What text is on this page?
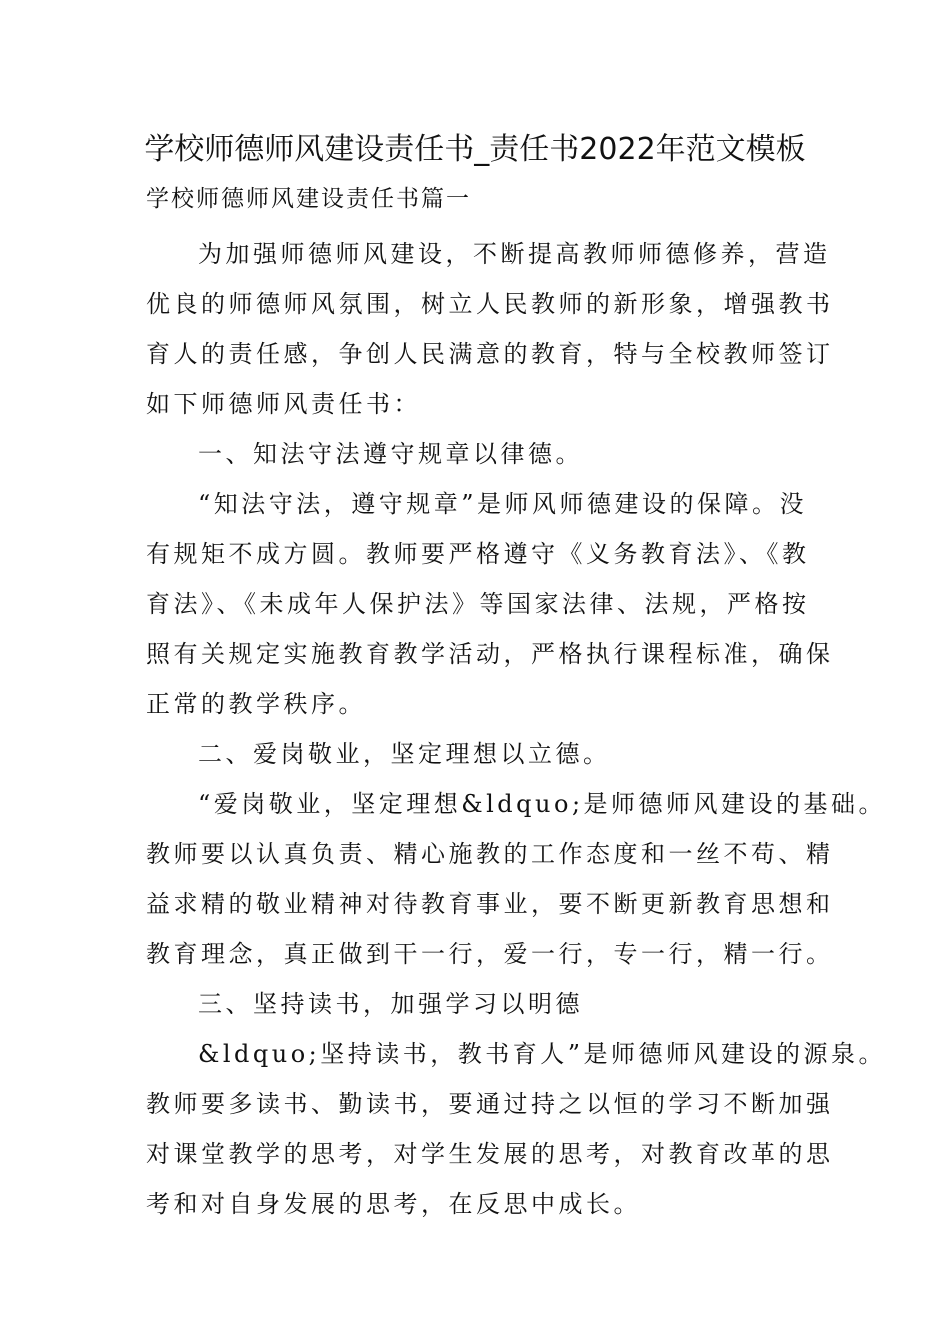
学校师德师风建设责任书_责任书2022年范文模板
学校师德师风建设责任书篇一
为加强师德师风建设，不断提高教师师德修养，营造
优良的师德师风氛围，树立人民教师的新形象，增强教书
育人的责任感，争创人民满意的教育，特与全校教师签订
如下师德师风责任书：
一、知法守法遵守规章以律德。
“知法守法，遵守规章”是师风师德建设的保障。没
有规矩不成方圆。教师要严格遵守《义务教育法》、《教
育法》、《未成年人保护法》等国家法律、法规，严格按
照有关规定实施教育教学活动，严格执行课程标准，确保
正常的教学秩序。
二、爱岗敬业，坚定理想以立德。
“爱岗敬业，坚定理想&ldquo;是师德师风建设的基础。
教师要以认真负责、精心施教的工作态度和一丝不苟、精
益求精的敬业精神对待教育事业，要不断更新教育思想和
教育理念，真正做到干一行，爱一行，专一行，精一行。
三、坚持读书，加强学习以明德
&ldquo;坚持读书，教书育人”是师德师风建设的源泉。
教师要多读书、勤读书，要通过持之以恒的学习不断加强
对课堂教学的思考，对学生发展的思考，对教育改革的思
考和对自身发展的思考，在反思中成长。
